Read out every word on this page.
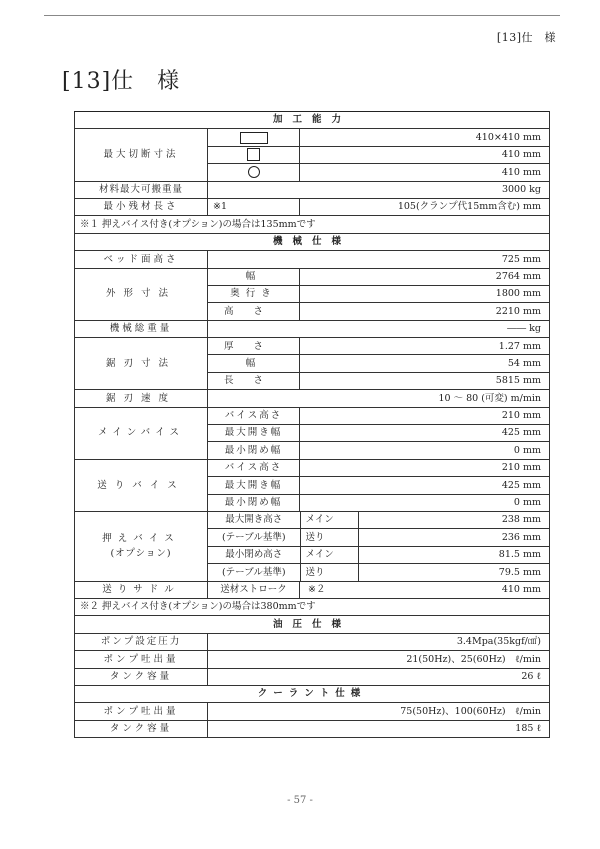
[13]仕　様
[13]仕　様
加工能力
最大切断寸法		410×410 mm
	410 mm
	410 mm
材料最大可搬重量	3000 kg
最小残材長さ	※1	105(クランプ代15mm含む) mm
※１ 押えバイス付き(オプション)の場合は135mmです
機械仕様
ベッド面高さ	725 mm
外形寸法	幅	2764 mm
奥行き	1800 mm
高さ	2210 mm
機械総重量	―― kg
鋸刃寸法	厚さ	1.27 mm
幅	54 mm
長さ	5815 mm
鋸刃速度	10 ～ 80 (可変) m/min
メインバイス	バイス高さ	210 mm
最大開き幅	425 mm
最小閉め幅	0 mm
送りバイス	バイス高さ	210 mm
最大開き幅	425 mm
最小閉め幅	0 mm

押えバイス
(オプション)

最大開き高さ	メイン	238 mm
(テーブル基準)	送り	236 mm
最小閉め高さ	メイン	81.5 mm
(テーブル基準)	送り	79.5 mm

送りサドル	送材ストローク	※２	410 mm

※２ 押えバイス付き(オプション)の場合は380mmです
油圧仕様
ポンプ設定圧力	3.4Mpa(35kgf/㎠)
ポンプ吐出量	21(50Hz)、25(60Hz)　ℓ/min
タンク容量	26 ℓ
クーラント仕様
ポンプ吐出量	75(50Hz)、100(60Hz)　ℓ/min
タンク容量	185 ℓ
- 57 -
